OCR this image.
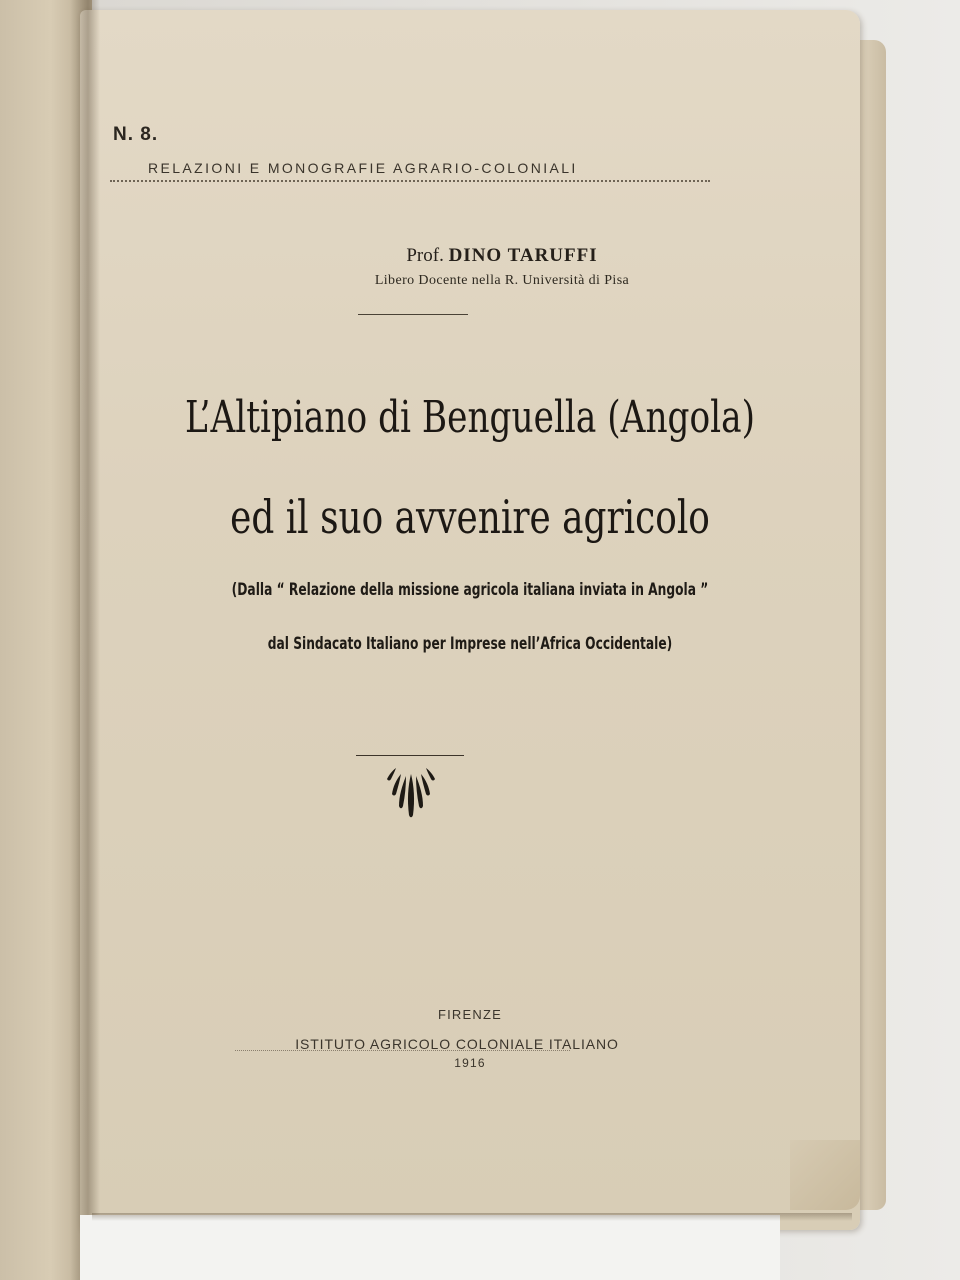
N. 8.
RELAZIONI E MONOGRAFIE AGRARIO-COLONIALI
Prof. DINO TARUFFI
Libero Docente nella R. Università di Pisa
L’Altipiano di Benguella (Angola)
ed il suo avvenire agricolo
(Dalla “ Relazione della missione agricola italiana inviata in Angola ”
dal Sindacato Italiano per Imprese nell’Africa Occidentale)
FIRENZE
ISTITUTO AGRICOLO COLONIALE ITALIANO
1916
